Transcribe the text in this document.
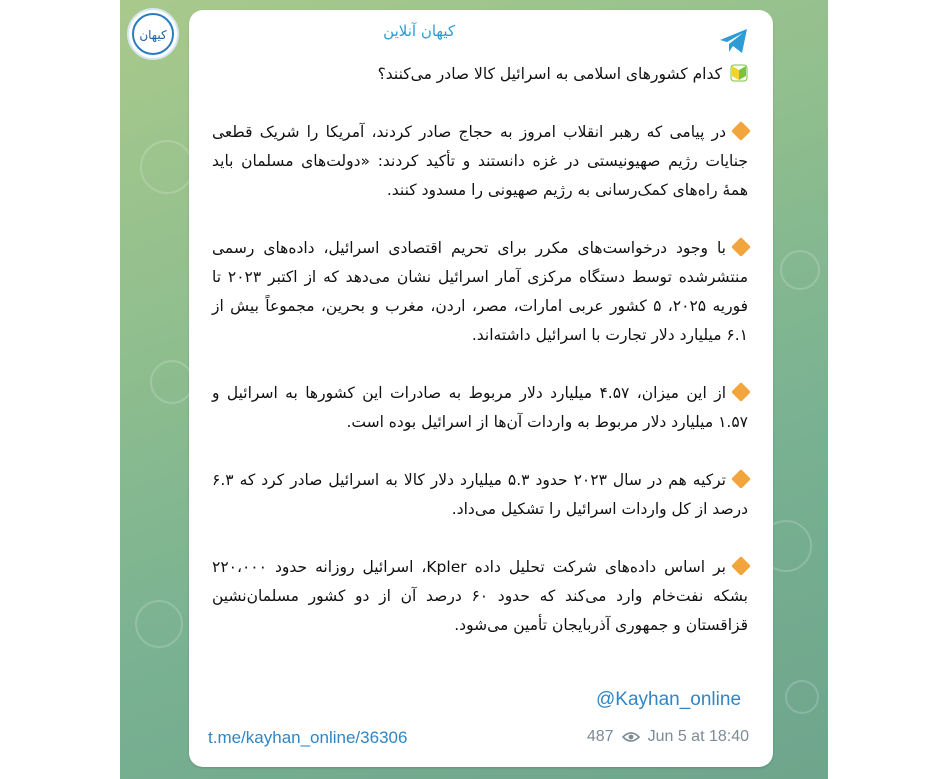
کیهان	کیهان آنلاین

کدام کشورهای اسلامی به اسرائیل کالا صادر می‌کنند؟

در پیامی که رهبر انقلاب امروز به حجاج صادر کردند، آمریکا را شریک قطعی جنایات رژیم صهیونیستی در غزه دانستند و تأکید کردند: «دولت‌های مسلمان باید همۀ راه‌های کمک‌رسانی به رژیم صهیونی را مسدود کنند.

با وجود درخواست‌های مکرر برای تحریم اقتصادی اسرائیل، داده‌های رسمی منتشرشده توسط دستگاه مرکزی آمار اسرائیل نشان می‌دهد که از اکتبر ۲۰۲۳ تا فوریه ۲۰۲۵، ۵ کشور عربی امارات، مصر، اردن، مغرب و بحرین، مجموعاً بیش از ۶.۱ میلیارد دلار تجارت با اسرائیل داشته‌اند.

از این میزان، ۴.۵۷ میلیارد دلار مربوط به صادرات این کشورها به اسرائیل و ۱.۵۷ میلیارد دلار مربوط به واردات آن‌ها از اسرائیل بوده است.

ترکیه هم در سال ۲۰۲۳ حدود ۵.۳ میلیارد دلار کالا به اسرائیل صادر کرد که ۶.۳ درصد از کل واردات اسرائیل را تشکیل می‌داد.

بر اساس داده‌های شرکت تحلیل داده Kpler، اسرائیل روزانه حدود ۲۲۰،۰۰۰ بشکه نفت‌خام وارد می‌کند که حدود ۶۰ درصد آن از دو کشور مسلمان‌نشین قزاقستان و جمهوری آذربایجان تأمین می‌شود.

@Kayhan_online
t.me/kayhan_online/36306	487 Jun 5 at 18:40
